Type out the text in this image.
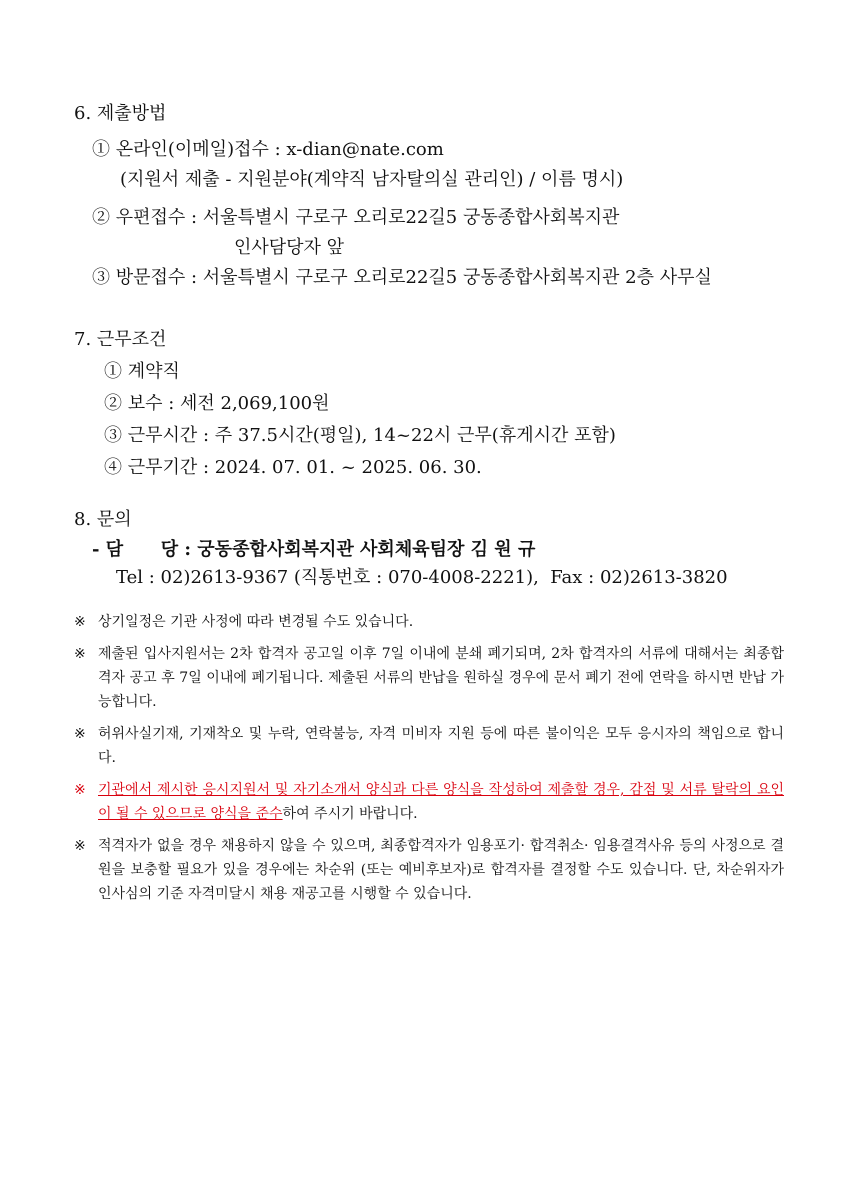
6. 제출방법
① 온라인(이메일)접수 : x-dian@nate.com
(지원서 제출 - 지원분야(계약직 남자탈의실 관리인) / 이름 명시)
② 우편접수 : 서울특별시 구로구 오리로22길5 궁동종합사회복지관
인사담당자 앞
③ 방문접수 : 서울특별시 구로구 오리로22길5 궁동종합사회복지관 2층 사무실
7. 근무조건
① 계약직
② 보수 : 세전 2,069,100원
③ 근무시간 : 주 37.5시간(평일), 14~22시 근무(휴게시간 포함)
④ 근무기간 : 2024. 07. 01. ~ 2025. 06. 30.
8. 문의
- 담      당 : 궁동종합사회복지관 사회체육팀장 김 원 규
Tel : 02)2613-9367 (직통번호 : 070-4008-2221),  Fax : 02)2613-3820
※ 상기일정은 기관 사정에 따라 변경될 수도 있습니다.
※ 제출된 입사지원서는 2차 합격자 공고일 이후 7일 이내에 분쇄 폐기되며, 2차 합격자의 서류에 대해서는 최종합격자 공고 후 7일 이내에 폐기됩니다. 제출된 서류의 반납을 원하실 경우에 문서 폐기 전에 연락을 하시면 반납 가능합니다.
※ 허위사실기재, 기재착오 및 누락, 연락불능, 자격 미비자 지원 등에 따른 불이익은 모두 응시자의 책임으로 합니다.
※ 기관에서 제시한 응시지원서 및 자기소개서 양식과 다른 양식을 작성하여 제출할 경우, 감점 및 서류 탈락의 요인이 될 수 있으므로 양식을 준수하여 주시기 바랍니다.
※ 적격자가 없을 경우 채용하지 않을 수 있으며, 최종합격자가 임용포기· 합격취소· 임용결격사유 등의 사정으로 결원을 보충할 필요가 있을 경우에는 차순위 (또는 예비후보자)로 합격자를 결정할 수도 있습니다. 단, 차순위자가 인사심의 기준 자격미달시 채용 재공고를 시행할 수 있습니다.
